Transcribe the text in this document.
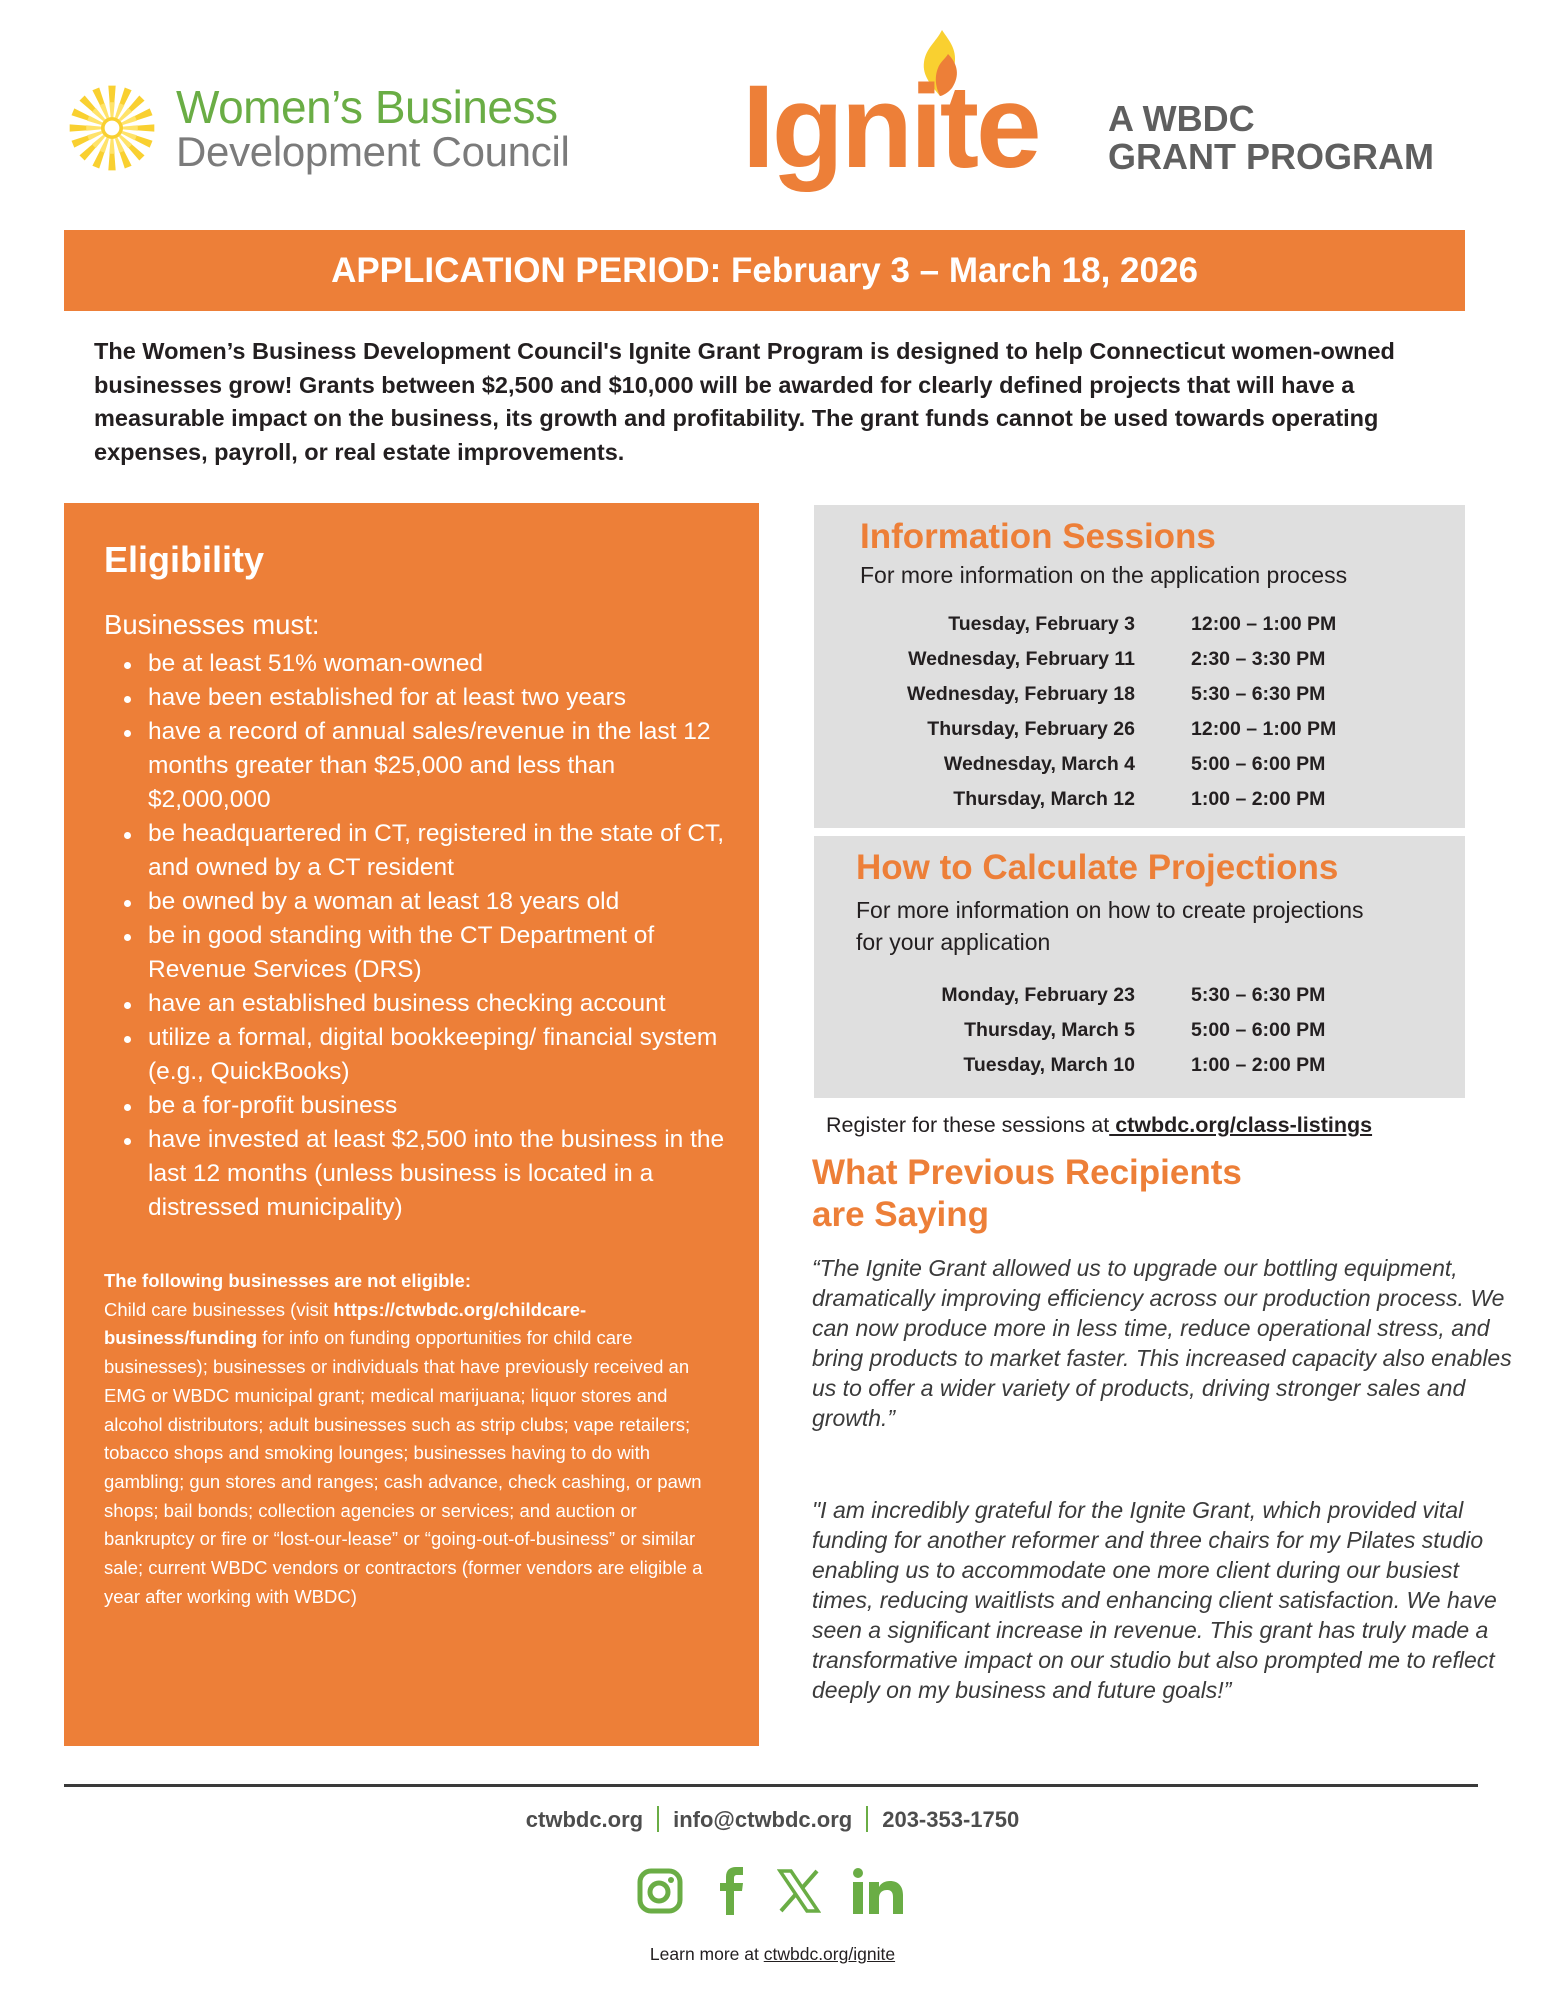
Women’s Business
Development Council Ignite A WBDC
GRANT PROGRAM
APPLICATION PERIOD: February 3 – March 18, 2026

The Women’s Business Development Council's Ignite Grant Program is designed to help Connecticut women-owned businesses grow! Grants between $2,500 and $10,000 will be awarded for clearly defined projects that will have a measurable impact on the business, its growth and profitability. The grant funds cannot be used towards operating expenses, payroll, or real estate improvements.

Eligibility
Businesses must:
be at least 51% woman-owned
have been established for at least two years
have a record of annual sales/revenue in the last 12 months greater than $25,000 and less than $2,000,000
be headquartered in CT, registered in the state of CT, and owned by a CT resident
be owned by a woman at least 18 years old
be in good standing with the CT Department of Revenue Services (DRS)
have an established business checking account
utilize a formal, digital bookkeeping/ financial system (e.g., QuickBooks)
be a for-profit business
have invested at least $2,500 into the business in the last 12 months (unless business is located in a distressed municipality)
The following businesses are not eligible:
Child care businesses (visit https://ctwbdc.org/childcare-business/funding for info on funding opportunities for child care businesses); businesses or individuals that have previously received an EMG or WBDC municipal grant; medical marijuana; liquor stores and alcohol distributors; adult businesses such as strip clubs; vape retailers; tobacco shops and smoking lounges; businesses having to do with gambling; gun stores and ranges; cash advance, check cashing, or pawn shops; bail bonds; collection agencies or services; and auction or bankruptcy or fire or “lost-our-lease” or “going-out-of-business” or similar sale; current WBDC vendors or contractors (former vendors are eligible a year after working with WBDC)
Information Sessions
For more information on the application process
Tuesday, February 3	12:00 – 1:00 PM
Wednesday, February 11	2:30 – 3:30 PM
Wednesday, February 18	5:30 – 6:30 PM
Thursday, February 26	12:00 – 1:00 PM
Wednesday, March 4	5:00 – 6:00 PM
Thursday, March 12	1:00 – 2:00 PM
How to Calculate Projections
For more information on how to create projections for your application
Monday, February 23	5:30 – 6:30 PM
Thursday, March 5	5:00 – 6:00 PM
Tuesday, March 10	1:00 – 2:00 PM
Register for these sessions at ctwbdc.org/class-listings
What Previous Recipients
are Saying

“The Ignite Grant allowed us to upgrade our bottling equipment, dramatically improving efficiency across our production process. We can now produce more in less time, reduce operational stress, and bring products to market faster. This increased capacity also enables us to offer a wider variety of products, driving stronger sales and growth.”

"I am incredibly grateful for the Ignite Grant, which provided vital funding for another reformer and three chairs for my Pilates studio enabling us to accommodate one more client during our busiest times, reducing waitlists and enhancing client satisfaction. We have seen a significant increase in revenue. This grant has truly made a transformative impact on our studio but also prompted me to reflect deeply on my business and future goals!”

ctwbdc.org info@ctwbdc.org 203-353-1750
Learn more at ctwbdc.org/ignite
